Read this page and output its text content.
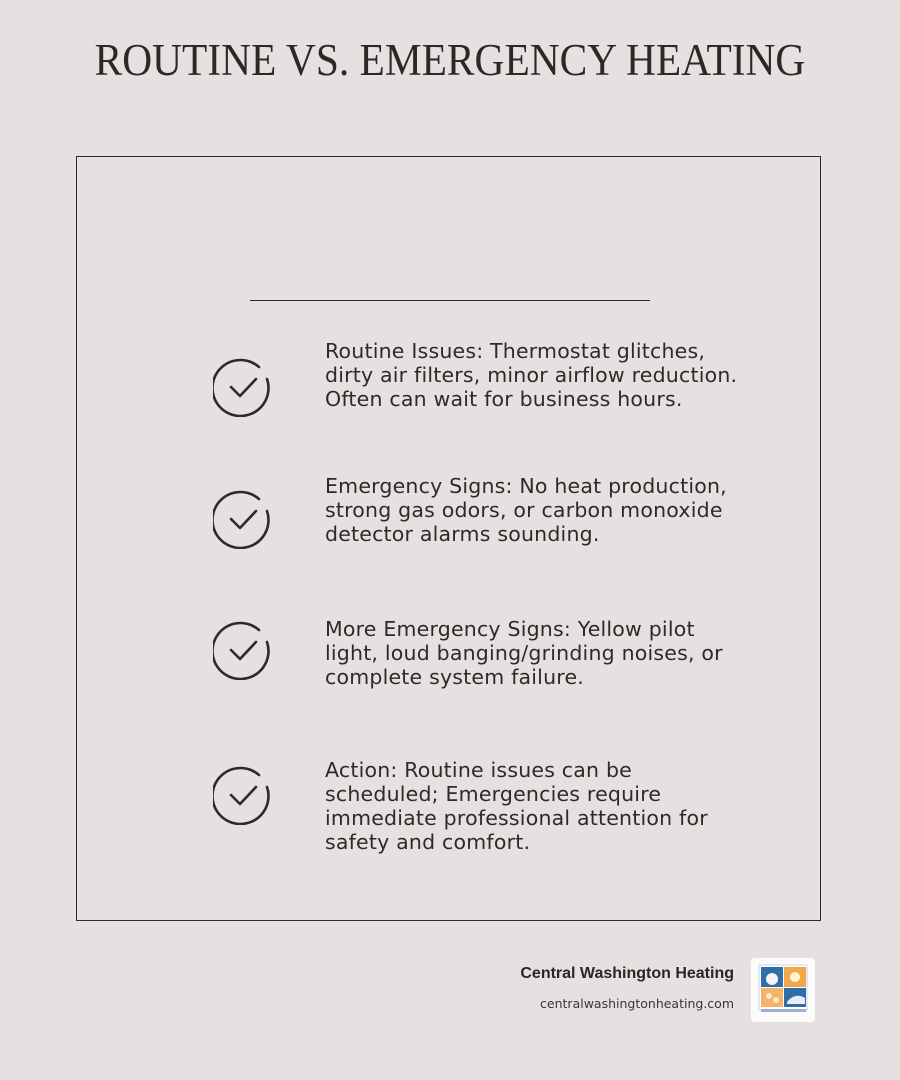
ROUTINE VS. EMERGENCY HEATING
Routine Issues: Thermostat glitches, dirty air filters, minor airflow reduction. Often can wait for business hours.
Emergency Signs: No heat production, strong gas odors, or carbon monoxide detector alarms sounding.
More Emergency Signs: Yellow pilot light, loud banging/grinding noises, or complete system failure.
Action: Routine issues can be scheduled; Emergencies require immediate professional attention for safety and comfort.
Central Washington Heating
centralwashingtonheating.com
